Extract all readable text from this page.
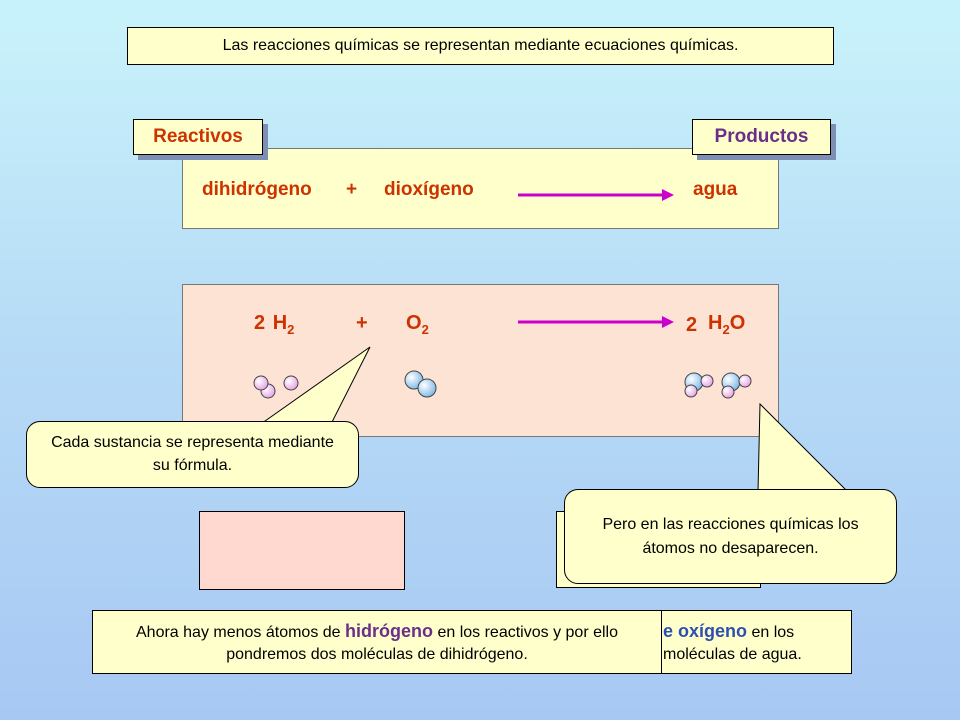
Las reacciones químicas se representan mediante ecuaciones químicas.
Reactivos	Productos
dihidrógeno + dioxígeno	agua
2 $H_2$	+ $O_2$	2 $H_2O$
Cada sustancia se representa mediante su fórmula.
Pero en las reacciones químicas los átomos no desaparecen.
e oxígeno en los
moléculas de agua.
Ahora hay menos átomos de hidrógeno en los reactivos y por ello pondremos dos moléculas de dihidrógeno.
